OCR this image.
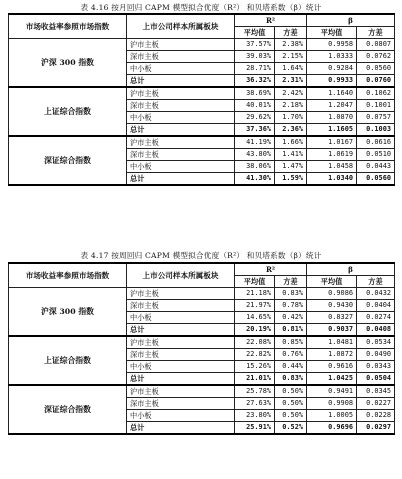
表 4.16 按月回归 CAPM 模型拟合优度（R²） 和贝塔系数（β）统计
市场收益率参照市场指数	上市公司样本所属板块	R²		β	
		平均值	方差	平均值	方差
沪深 300 指数	沪市主板	37.57%	2.38%	0.9958	0.0807
	深市主板	39.03%	2.15%	1.0333	0.0762
	中小板	28.71%	1.64%	0.9284	0.0560
	总计	36.32%	2.31%	0.9933	0.0760
上证综合指数	沪市主板	38.69%	2.42%	1.1640	0.1062
	深市主板	40.01%	2.18%	1.2047	0.1001
	中小板	29.62%	1.70%	1.0870	0.0757
	总计	37.36%	2.36%	1.1605	0.1003
深证综合指数	沪市主板	41.19%	1.66%	1.0167	0.0616
	深市主板	43.80%	1.41%	1.0619	0.0510
	中小板	38.06%	1.47%	1.0458	0.0443
	总计	41.30%	1.59%	1.0340	0.0560
表 4.17 按周回归 CAPM 模型拟合优度（R²） 和贝塔系数（β）统计
市场收益率参照市场指数	上市公司样本所属板块	R²		β	
		平均值	方差	平均值	方差
沪深 300 指数	沪市主板	21.18%	0.83%	0.9086	0.0432
	深市主板	21.97%	0.78%	0.9430	0.0404
	中小板	14.65%	0.42%	0.8327	0.0274
	总计	20.19%	0.81%	0.9037	0.0408
上证综合指数	沪市主板	22.08%	0.85%	1.0481	0.0534
	深市主板	22.82%	0.76%	1.0872	0.0490
	中小板	15.26%	0.44%	0.9616	0.0343
	总计	21.01%	0.83%	1.0425	0.0504
深证综合指数	沪市主板	25.78%	0.50%	0.9491	0.0345
	深市主板	27.63%	0.50%	0.9908	0.0227
	中小板	23.80%	0.50%	1.0005	0.0228
	总计	25.91%	0.52%	0.9696	0.0297
